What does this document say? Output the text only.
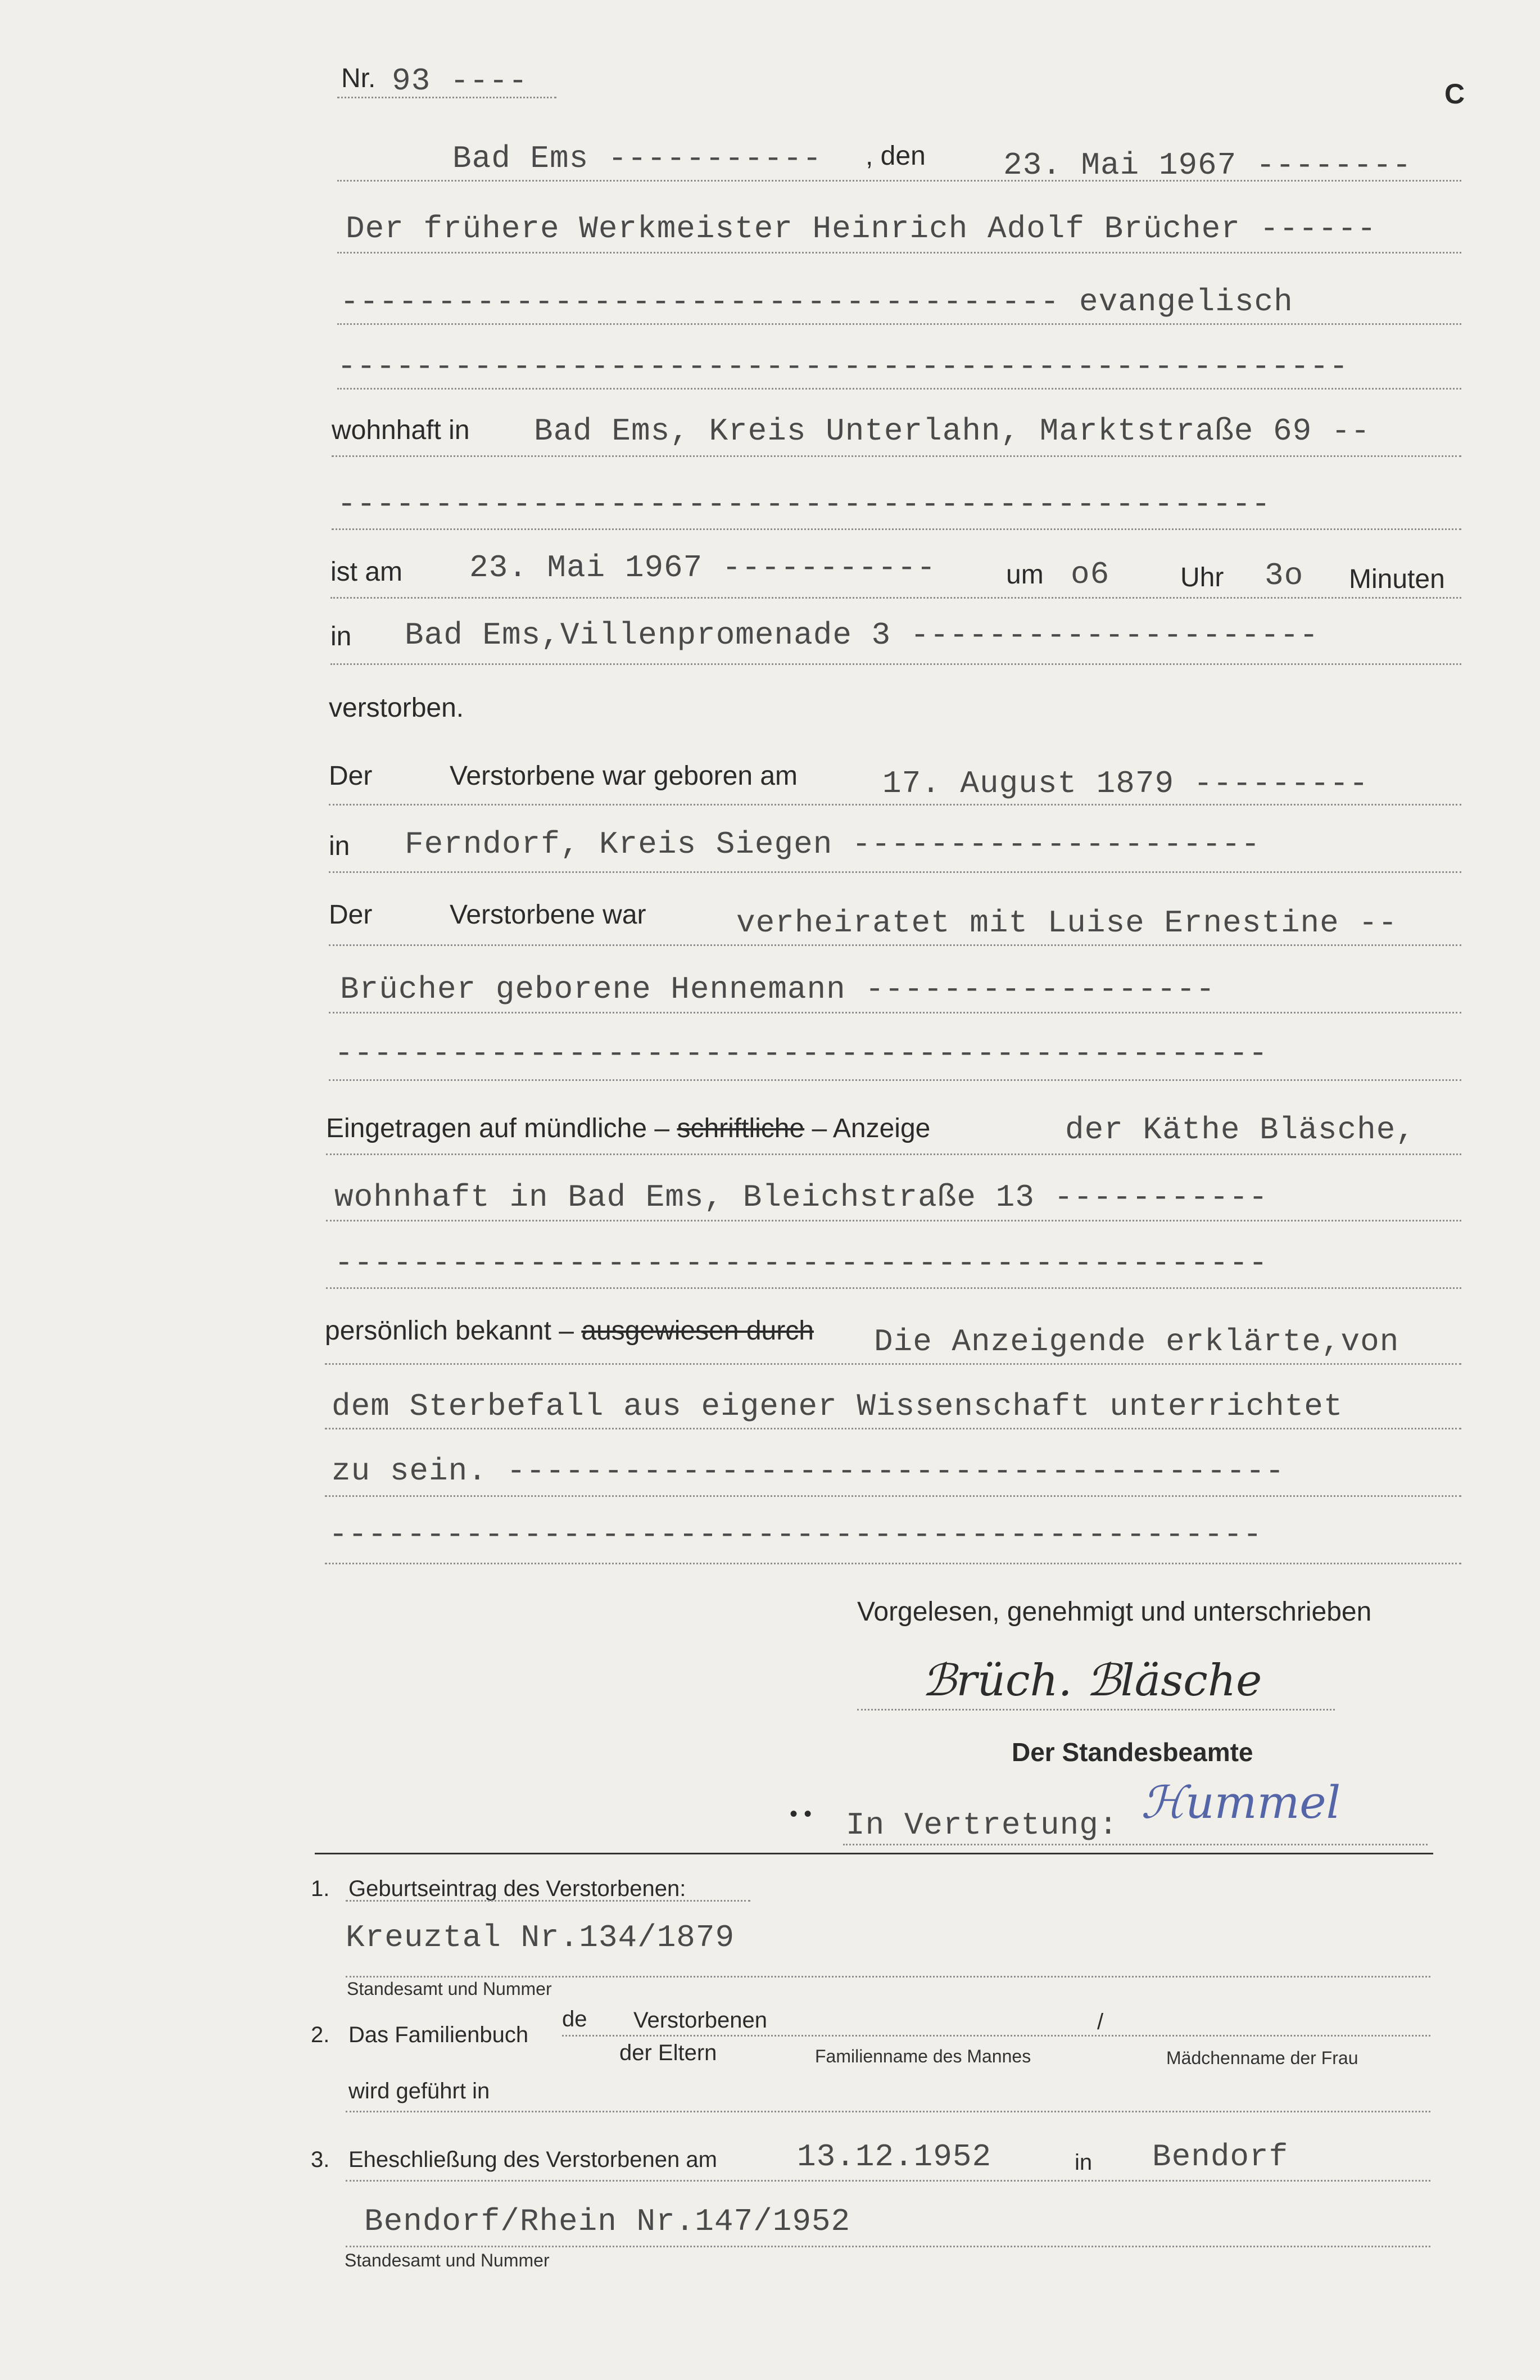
Nr. 93 ----	C
Bad Ems ----------- , den 23. Mai 1967 --------
Der frühere Werkmeister Heinrich Adolf Brücher ------
------------------------------------- evangelisch
----------------------------------------------------
wohnhaft in Bad Ems, Kreis Unterlahn, Marktstraße 69 --
------------------------------------------------
ist am 23. Mai 1967 -----------	um o6	Uhr 3o Minuten
in Bad Ems,Villenpromenade 3 ---------------------
verstorben.
Der	Verstorbene war geboren am	17. August 1879 ---------
in Ferndorf, Kreis Siegen ---------------------
Der	Verstorbene war	verheiratet mit Luise Ernestine --
Brücher geborene Hennemann ------------------
------------------------------------------------
Eingetragen auf mündliche – schriftliche – Anzeige	der Käthe Bläsche,
wohnhaft in Bad Ems, Bleichstraße 13 -----------
------------------------------------------------
persönlich bekannt – ausgewiesen durch Die Anzeigende erklärte,von
dem Sterbefall aus eigener Wissenschaft unterrichtet
zu sein. ----------------------------------------
------------------------------------------------
Vorgelesen, genehmigt und unterschrieben
ℬrüch. ℬläsche
Der Standesbeamte
• • In Vertretung: ℋummel
1. Geburtseintrag des Verstorbenen:
Kreuztal Nr.134/1879
Standesamt und Nummer
2. Das Familienbuch
de Verstorbenen
der Eltern
/
Familienname des Mannes	Mädchenname der Frau
wird geführt in
3. Eheschließung des Verstorbenen am	13.12.1952	in Bendorf
Bendorf/Rhein Nr.147/1952
Standesamt und Nummer
